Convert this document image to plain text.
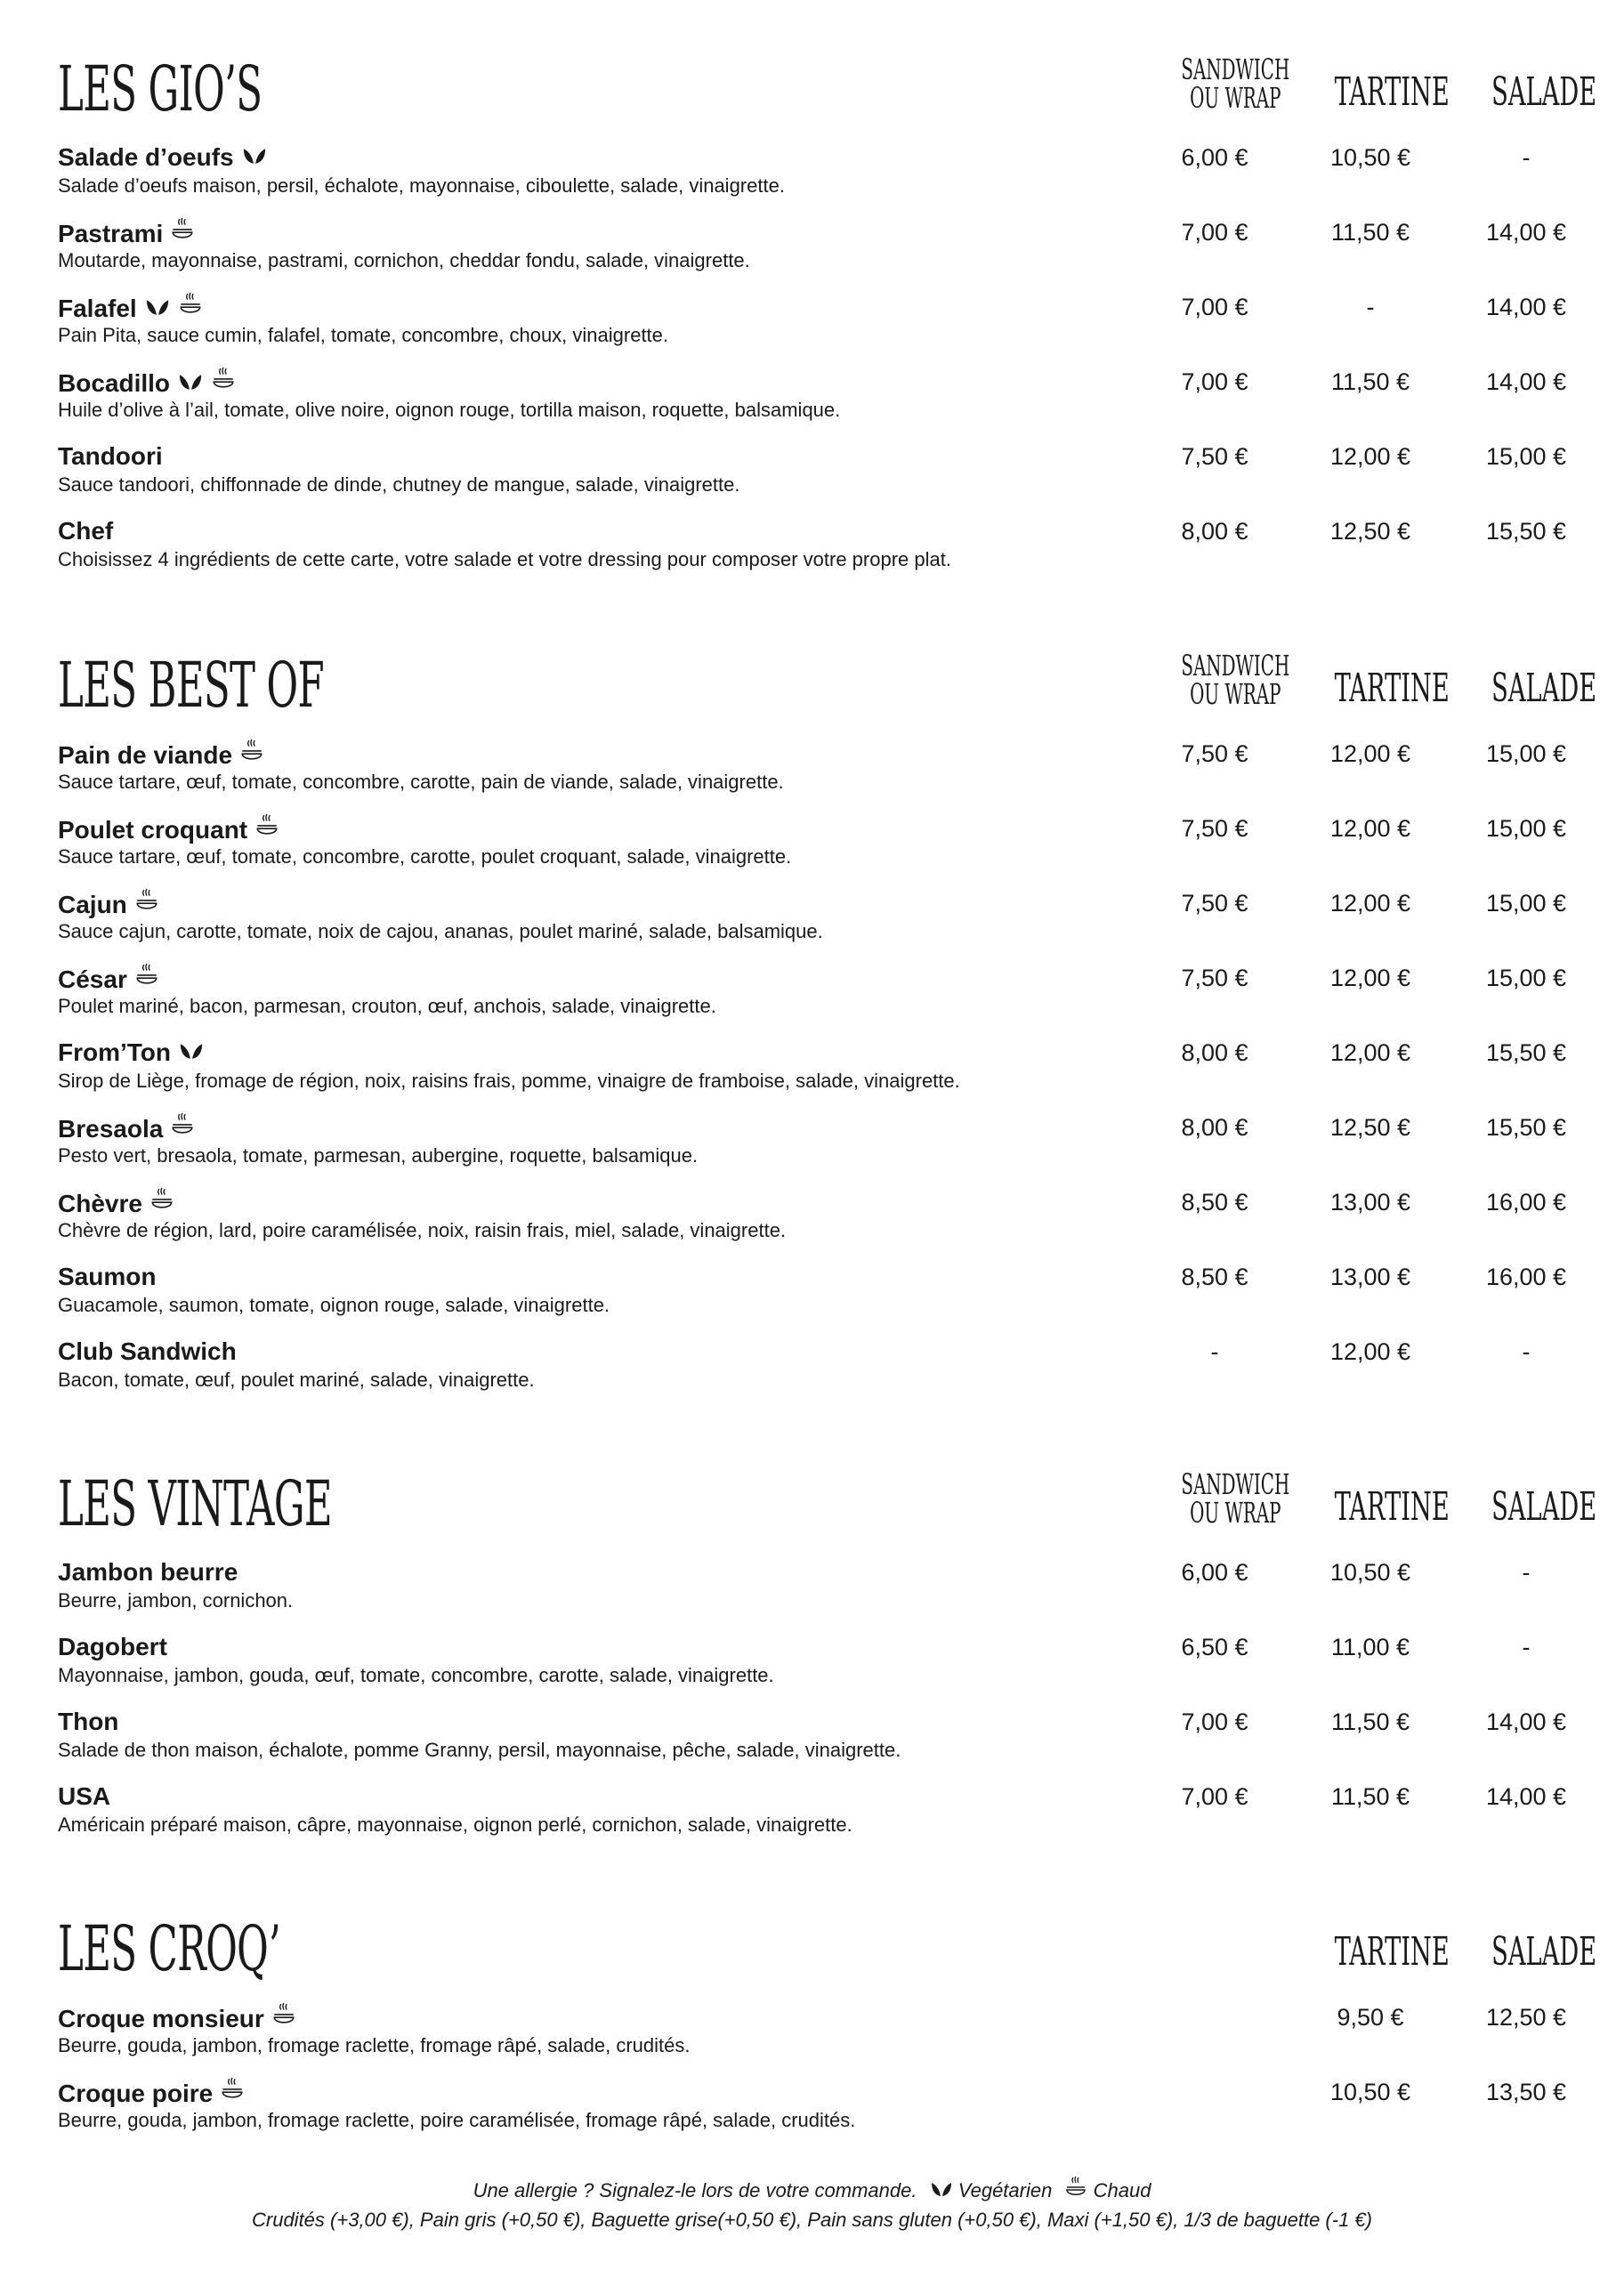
LES GIO’S	SANDWICH
OU WRAP	TARTINE	SALADE
Salade d’oeufs
Salade d’oeufs maison, persil, échalote, mayonnaise, ciboulette, salade, vinaigrette.
6,00 €	10,50 €	-
Pastrami
Moutarde, mayonnaise, pastrami, cornichon, cheddar fondu, salade, vinaigrette.
7,00 €	11,50 €	14,00 €
Falafel
Pain Pita, sauce cumin, falafel, tomate, concombre, choux, vinaigrette.
7,00 €	-	14,00 €
Bocadillo
Huile d’olive à l’ail, tomate, olive noire, oignon rouge, tortilla maison, roquette, balsamique.
7,00 €	11,50 €	14,00 €
Tandoori
Sauce tandoori, chiffonnade de dinde, chutney de mangue, salade, vinaigrette.
7,50 €	12,00 €	15,00 €
Chef
Choisissez 4 ingrédients de cette carte, votre salade et votre dressing pour composer votre propre plat.
8,00 €	12,50 €	15,50 €
LES BEST OF	SANDWICH
OU WRAP	TARTINE	SALADE
Pain de viande
Sauce tartare, œuf, tomate, concombre, carotte, pain de viande, salade, vinaigrette.
7,50 €	12,00 €	15,00 €
Poulet croquant
Sauce tartare, œuf, tomate, concombre, carotte, poulet croquant, salade, vinaigrette.
7,50 €	12,00 €	15,00 €
Cajun
Sauce cajun, carotte, tomate, noix de cajou, ananas, poulet mariné, salade, balsamique.
7,50 €	12,00 €	15,00 €
César
Poulet mariné, bacon, parmesan, crouton, œuf, anchois, salade, vinaigrette.
7,50 €	12,00 €	15,00 €
From’Ton
Sirop de Liège, fromage de région, noix, raisins frais, pomme, vinaigre de framboise, salade, vinaigrette.
8,00 €	12,00 €	15,50 €
Bresaola
Pesto vert, bresaola, tomate, parmesan, aubergine, roquette, balsamique.
8,00 €	12,50 €	15,50 €
Chèvre
Chèvre de région, lard, poire caramélisée, noix, raisin frais, miel, salade, vinaigrette.
8,50 €	13,00 €	16,00 €
Saumon
Guacamole, saumon, tomate, oignon rouge, salade, vinaigrette.
8,50 €	13,00 €	16,00 €
Club Sandwich
Bacon, tomate, œuf, poulet mariné, salade, vinaigrette.
-	12,00 €	-
LES VINTAGE	SANDWICH
OU WRAP	TARTINE	SALADE
Jambon beurre
Beurre, jambon, cornichon.
6,00 €	10,50 €	-
Dagobert
Mayonnaise, jambon, gouda, œuf, tomate, concombre, carotte, salade, vinaigrette.
6,50 €	11,00 €	-
Thon
Salade de thon maison, échalote, pomme Granny, persil, mayonnaise, pêche, salade, vinaigrette.
7,00 €	11,50 €	14,00 €
USA
Américain préparé maison, câpre, mayonnaise, oignon perlé, cornichon, salade, vinaigrette.
7,00 €	11,50 €	14,00 €
LES CROQ’	TARTINE	SALADE
Croque monsieur
Beurre, gouda, jambon, fromage raclette, fromage râpé, salade, crudités.
9,50 €	12,50 €
Croque poire
Beurre, gouda, jambon, fromage raclette, poire caramélisée, fromage râpé, salade, crudités.
10,50 €	13,50 €
Une allergie ? Signalez-le lors de votre commande. Vegétarien Chaud
Crudités (+3,00 €), Pain gris (+0,50 €), Baguette grise(+0,50 €), Pain sans gluten (+0,50 €), Maxi (+1,50 €), 1/3 de baguette (-1 €)
